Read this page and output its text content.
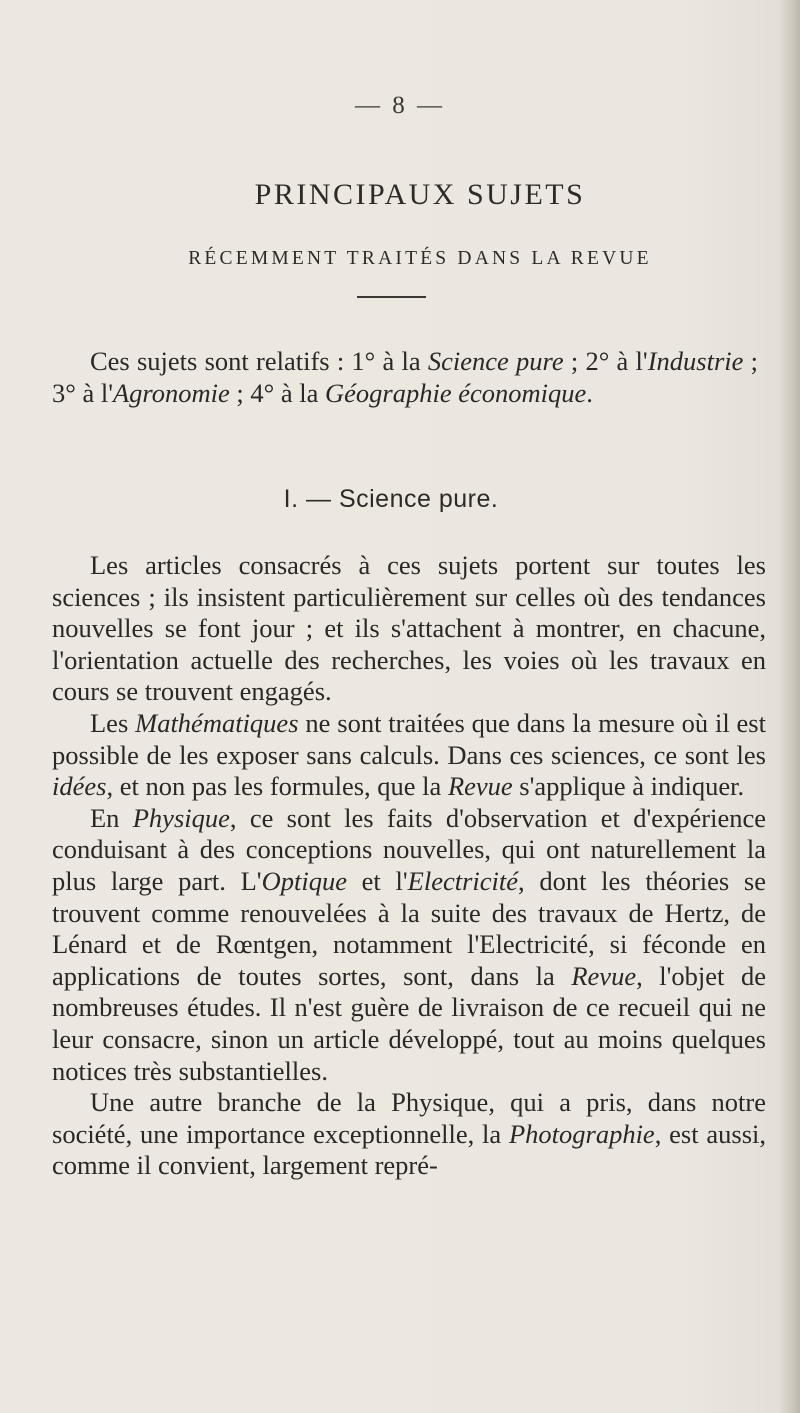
— 8 —
PRINCIPAUX SUJETS
RÉCEMMENT TRAITÉS DANS LA REVUE

Ces sujets sont relatifs : 1° à la Science pure ; 2° à l'Industrie ; 3° à l'Agronomie ; 4° à la Géographie économique.

I. — Science pure.

Les articles consacrés à ces sujets portent sur toutes les sciences ; ils insistent particulièrement sur celles où des tendances nouvelles se font jour ; et ils s'attachent à montrer, en chacune, l'orientation actuelle des recherches, les voies où les travaux en cours se trouvent engagés.

Les Mathématiques ne sont traitées que dans la mesure où il est possible de les exposer sans calculs. Dans ces sciences, ce sont les idées, et non pas les formules, que la Revue s'applique à indiquer.

En Physique, ce sont les faits d'observation et d'expérience conduisant à des conceptions nouvelles, qui ont naturellement la plus large part. L'Optique et l'Electricité, dont les théories se trouvent comme renouvelées à la suite des travaux de Hertz, de Lénard et de Rœntgen, notamment l'Electricité, si féconde en applications de toutes sortes, sont, dans la Revue, l'objet de nombreuses études. Il n'est guère de livraison de ce recueil qui ne leur consacre, sinon un article développé, tout au moins quelques notices très substantielles.

Une autre branche de la Physique, qui a pris, dans notre société, une importance exceptionnelle, la Photographie, est aussi, comme il convient, largement repré-
